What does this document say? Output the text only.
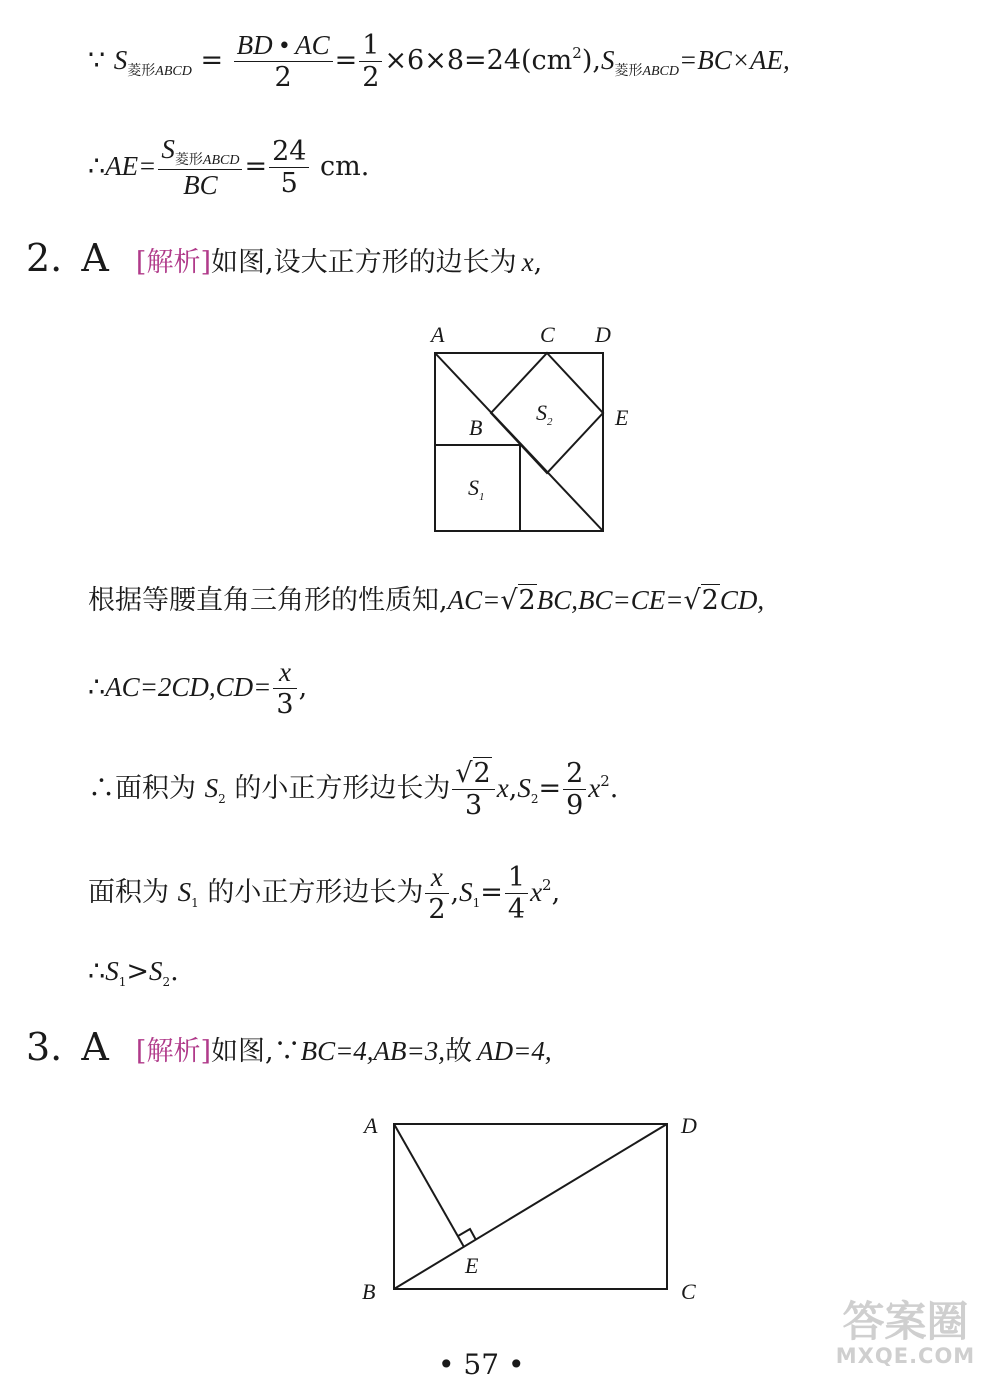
∵ $S_{菱形ABCD} = \frac{BD • AC}{2} = \frac{1}{2} \times 6\times 8=24(cm^2),S_{菱形ABCD}=BC\times AE$,
∴AE= $\frac{S_{菱形ABCD}}{BC} = \frac{24}{5}$ cm.
2. A [解析]如图,设大正方形的边长为 x,
A	C D
E
B
$S_2$
$S_1$
根据等腰直角三角形的性质知,AC=√2BC,BC=CE=√2CD,
∴AC=2CD,CD= $\frac{x}{3}$ ,
∴面积为 $S_2$ 的小正方形边长为 $\frac{√2}{3} x,S_2= \frac{2}{9} x^2$.
面积为 $S_1$ 的小正方形边长为 $\frac{x}{2} ,S_1= \frac{1}{4} x^2$,
$\therefore S_1>S_2$.
3. A [解析]如图,∵BC=4,AB=3,故 AD=4,
A	D
E
B	C
• 57 •
答案圈
MXQE.COM
